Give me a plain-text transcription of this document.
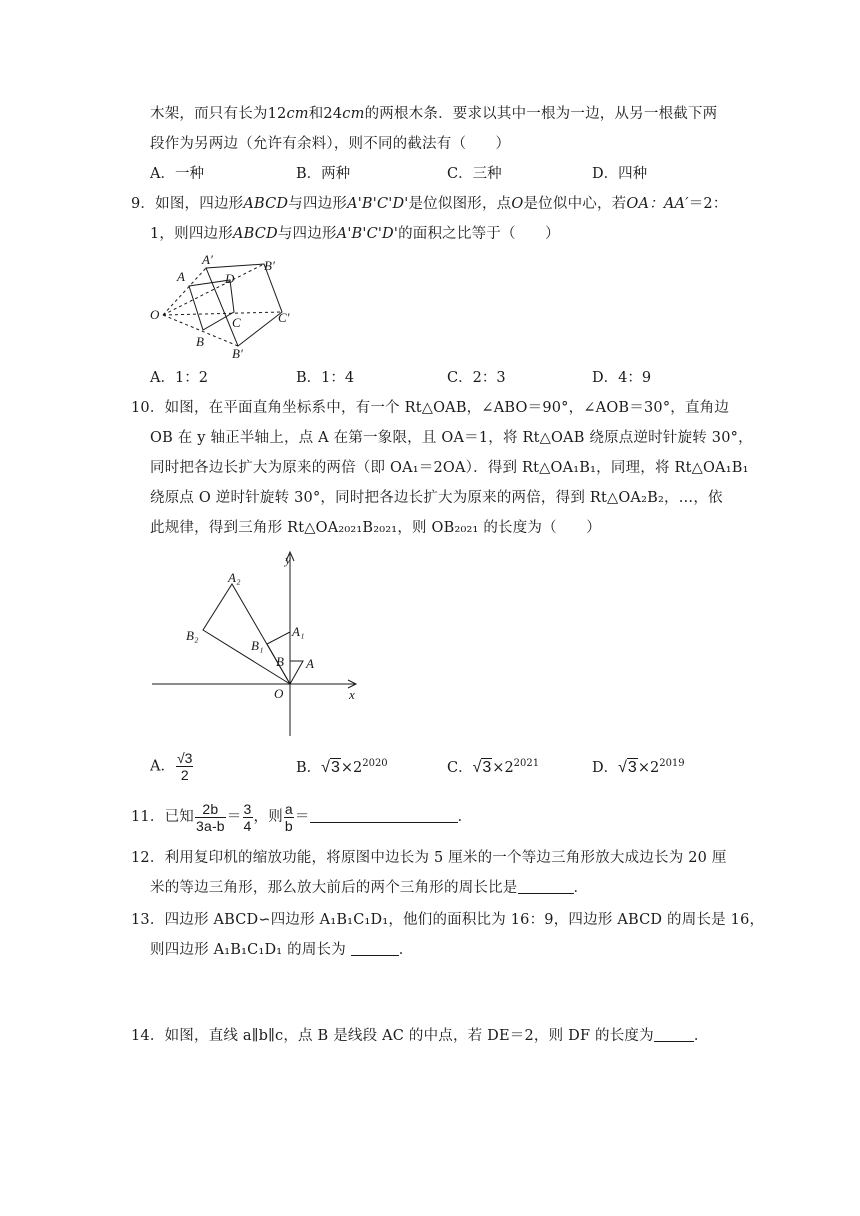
木架，而只有长为12cm和24cm的两根木条．要求以其中一根为一边，从另一根截下两
段作为另两边（允许有余料），则不同的截法有（　　）
A．一种	B．两种	C．三种	D．四种
9．如图，四边形ABCD与四边形A'B'C'D'是位似图形，点O是位似中心，若OA：AA′＝2：
1，则四边形ABCD与四边形A'B'C'D'的面积之比等于（　　）
A′	B′
A	D
O
C	C′
B
B′
A．1：2	B．1：4	C．2：3	D．4：9
10．如图，在平面直角坐标系中，有一个 Rt△OAB，∠ABO＝90°，∠AOB＝30°，直角边
OB 在 y 轴正半轴上，点 A 在第一象限，且 OA＝1，将 Rt△OAB 绕原点逆时针旋转 30°，
同时把各边长扩大为原来的两倍（即 OA₁＝2OA）．得到 Rt△OA₁B₁，同理，将 Rt△OA₁B₁
绕原点 O 逆时针旋转 30°，同时把各边长扩大为原来的两倍，得到 Rt△OA₂B₂，…，依
此规律，得到三角形 Rt△OA₂₀₂₁B₂₀₂₁，则 OB₂₀₂₁ 的长度为（　　）
y
x
O
A
B
A₁
B₁
A₂
B₂
A． $\frac{√3}{2}$	B．$√3\times 2^{2020}$	C．$√3\times 2^{2021}$	D．$√3\times 2^{2019}$
11．已知 $\frac{2b}{3a-b} = \frac{3}{4}$ ，则 $\frac{a}{b}$ ＝	．
12．利用复印机的缩放功能，将原图中边长为 5 厘米的一个等边三角形放大成边长为 20 厘
米的等边三角形，那么放大前后的两个三角形的周长比是	．
13．四边形 ABCD∽四边形 A₁B₁C₁D₁，他们的面积比为 16：9，四边形 ABCD 的周长是 16，
则四边形 A₁B₁C₁D₁ 的周长为	．
14．如图，直线 a∥b∥c，点 B 是线段 AC 的中点，若 DE＝2，则 DF 的长度为	．
